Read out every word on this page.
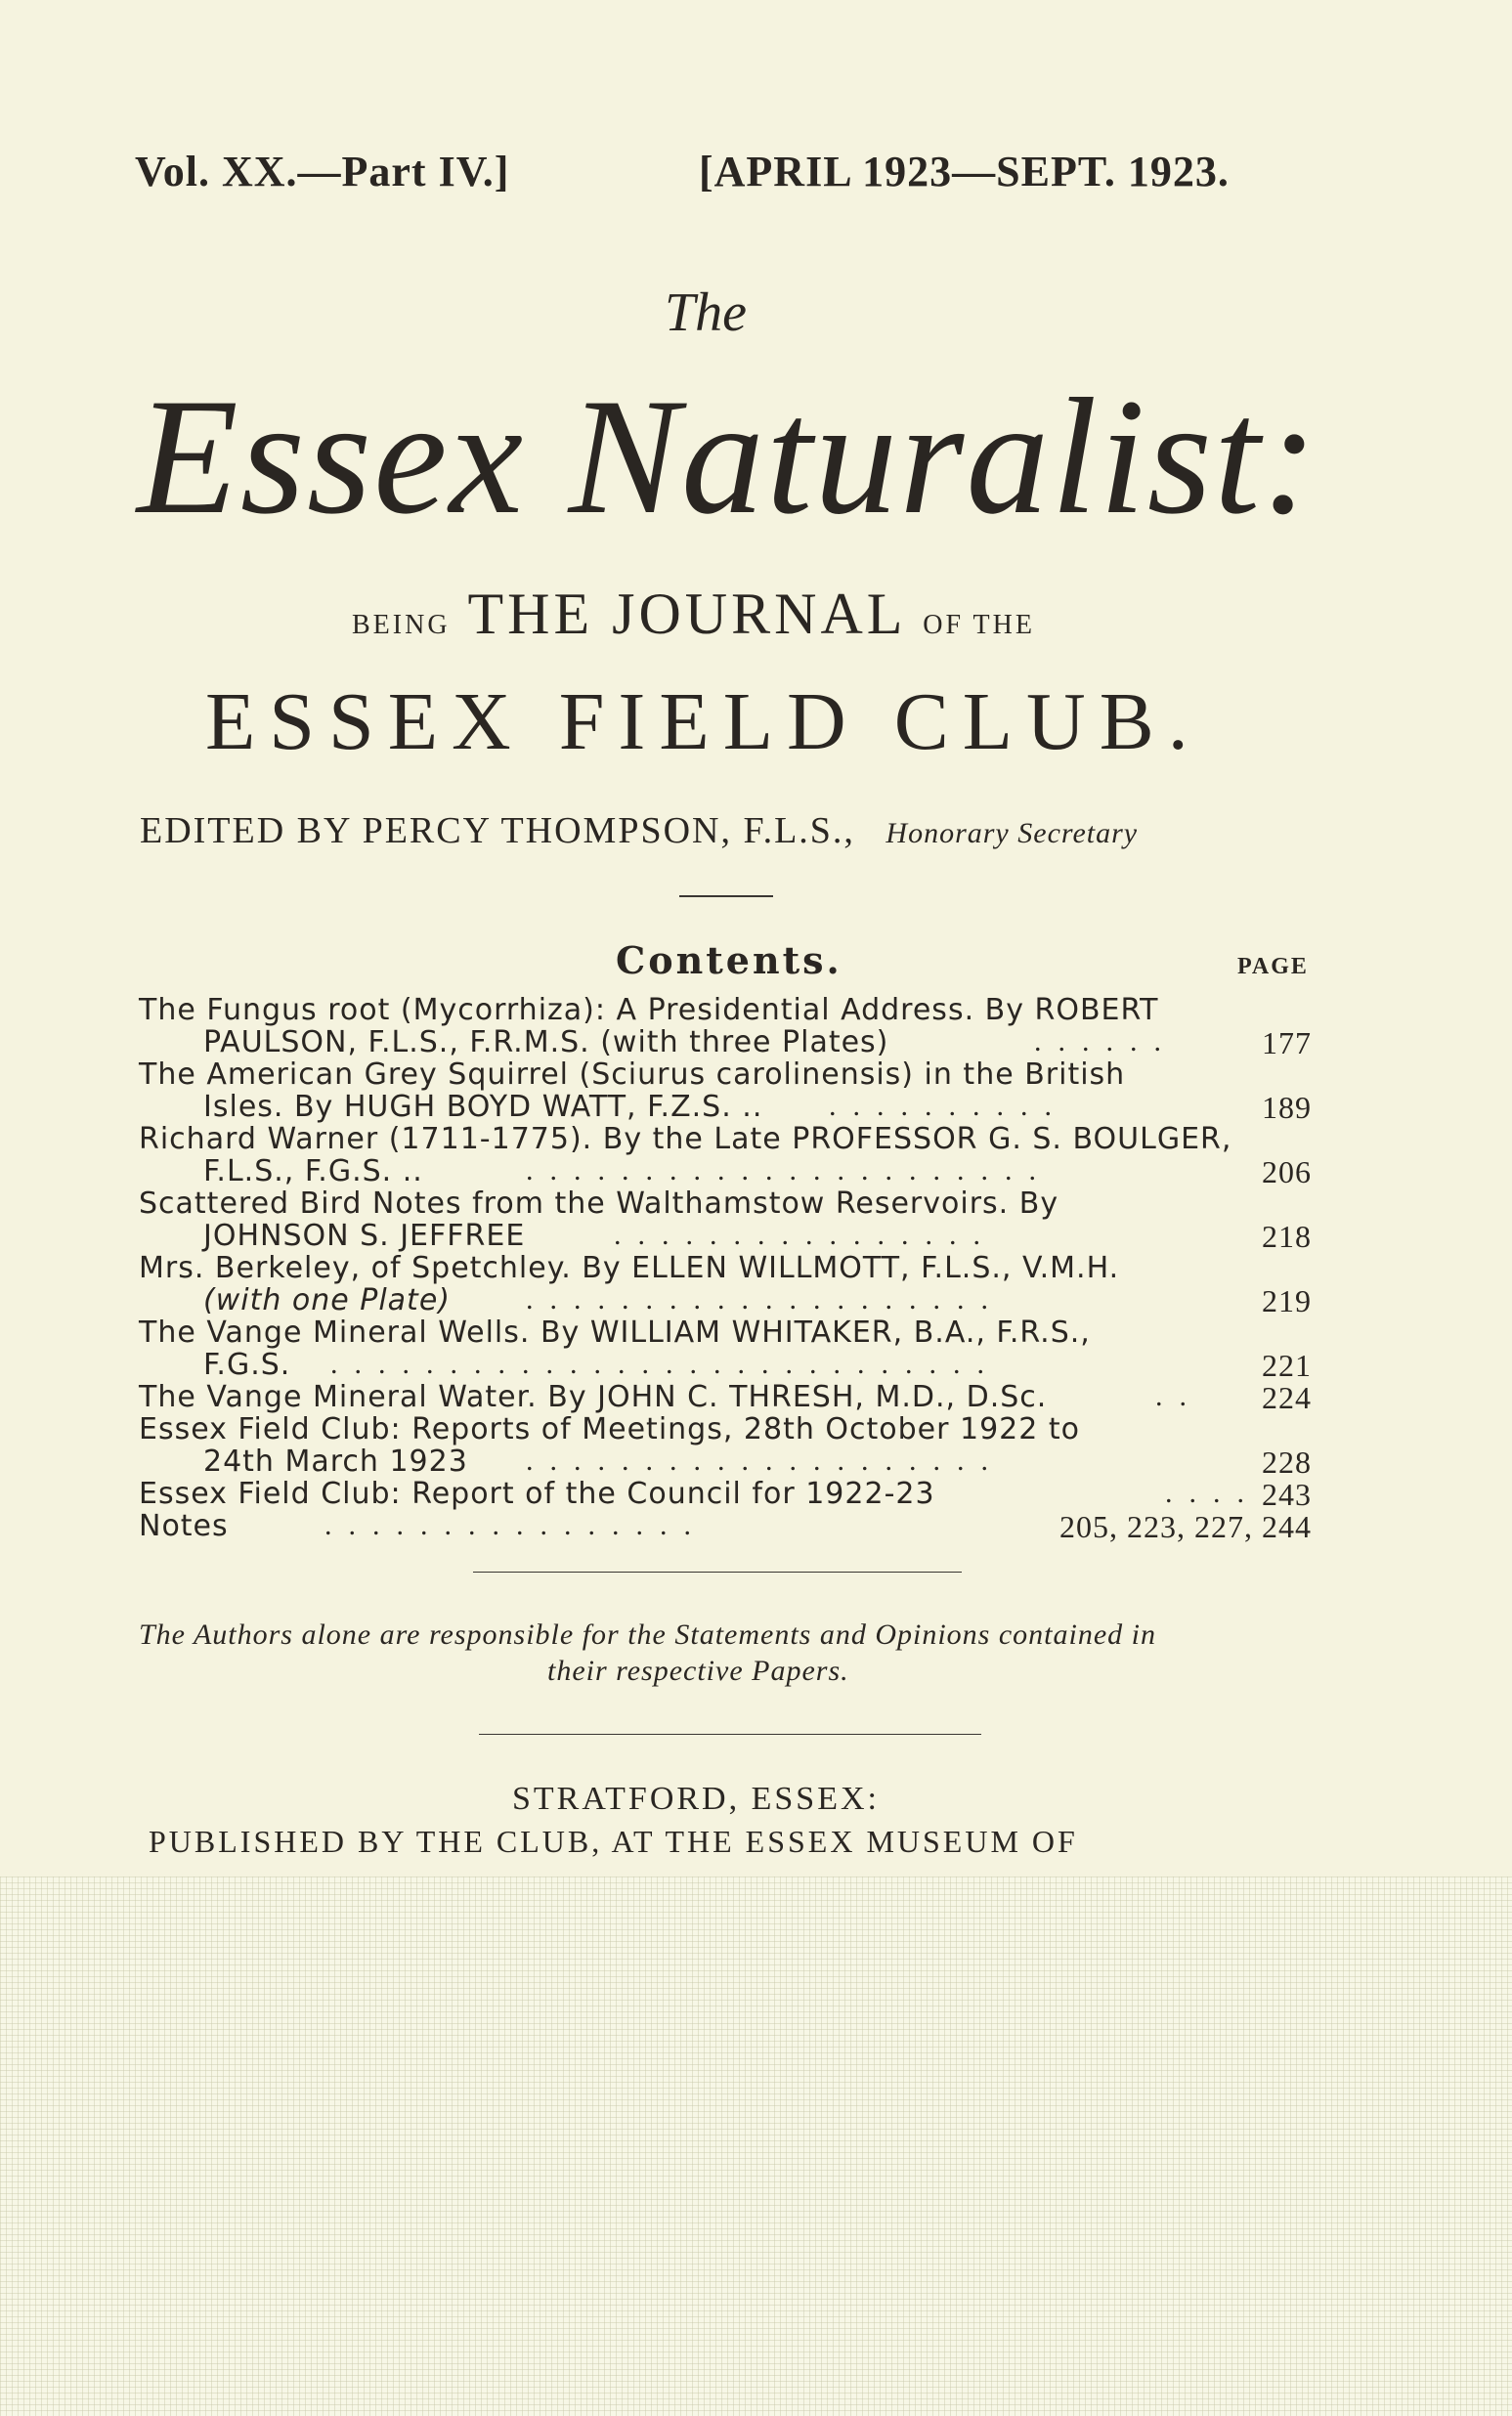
Vol. XX.—Part IV.]	[APRIL 1923—SEPT. 1923.
The
Essex Naturalist:
BEING THE JOURNAL OF THE
ESSEX FIELD CLUB.
EDITED BY PERCY THOMPSON, F.L.S., Honorary Secretary
Contents.	PAGE
The Fungus root (Mycorrhiza): A Presidential Address. By ROBERT
PAULSON, F.L.S., F.R.M.S. (with three Plates)	......	177
The American Grey Squirrel (Sciurus carolinensis) in the British
Isles. By HUGH BOYD WATT, F.Z.S. .. ..........	189
Richard Warner (1711-1775). By the Late PROFESSOR G. S. BOULGER,
F.L.S., F.G.S. ..	......................	206
Scattered Bird Notes from the Walthamstow Reservoirs. By
JOHNSON S. JEFFREE	................	218
Mrs. Berkeley, of Spetchley. By ELLEN WILLMOTT, F.L.S., V.M.H.
(with one Plate)	....................	219
The Vange Mineral Wells. By WILLIAM WHITAKER, B.A., F.R.S.,
F.G.S. ............................	221
The Vange Mineral Water. By JOHN C. THRESH, M.D., D.Sc.	.. 224
Essex Field Club: Reports of Meetings, 28th October 1922 to
24th March 1923 ....................	228
Essex Field Club: Report of the Council for 1922-23	.... 243
Notes	................	205, 223, 227, 244
The Authors alone are responsible for the Statements and Opinions contained in
their respective Papers.
STRATFORD, ESSEX:
PUBLISHED BY THE CLUB, AT THE ESSEX MUSEUM OF
